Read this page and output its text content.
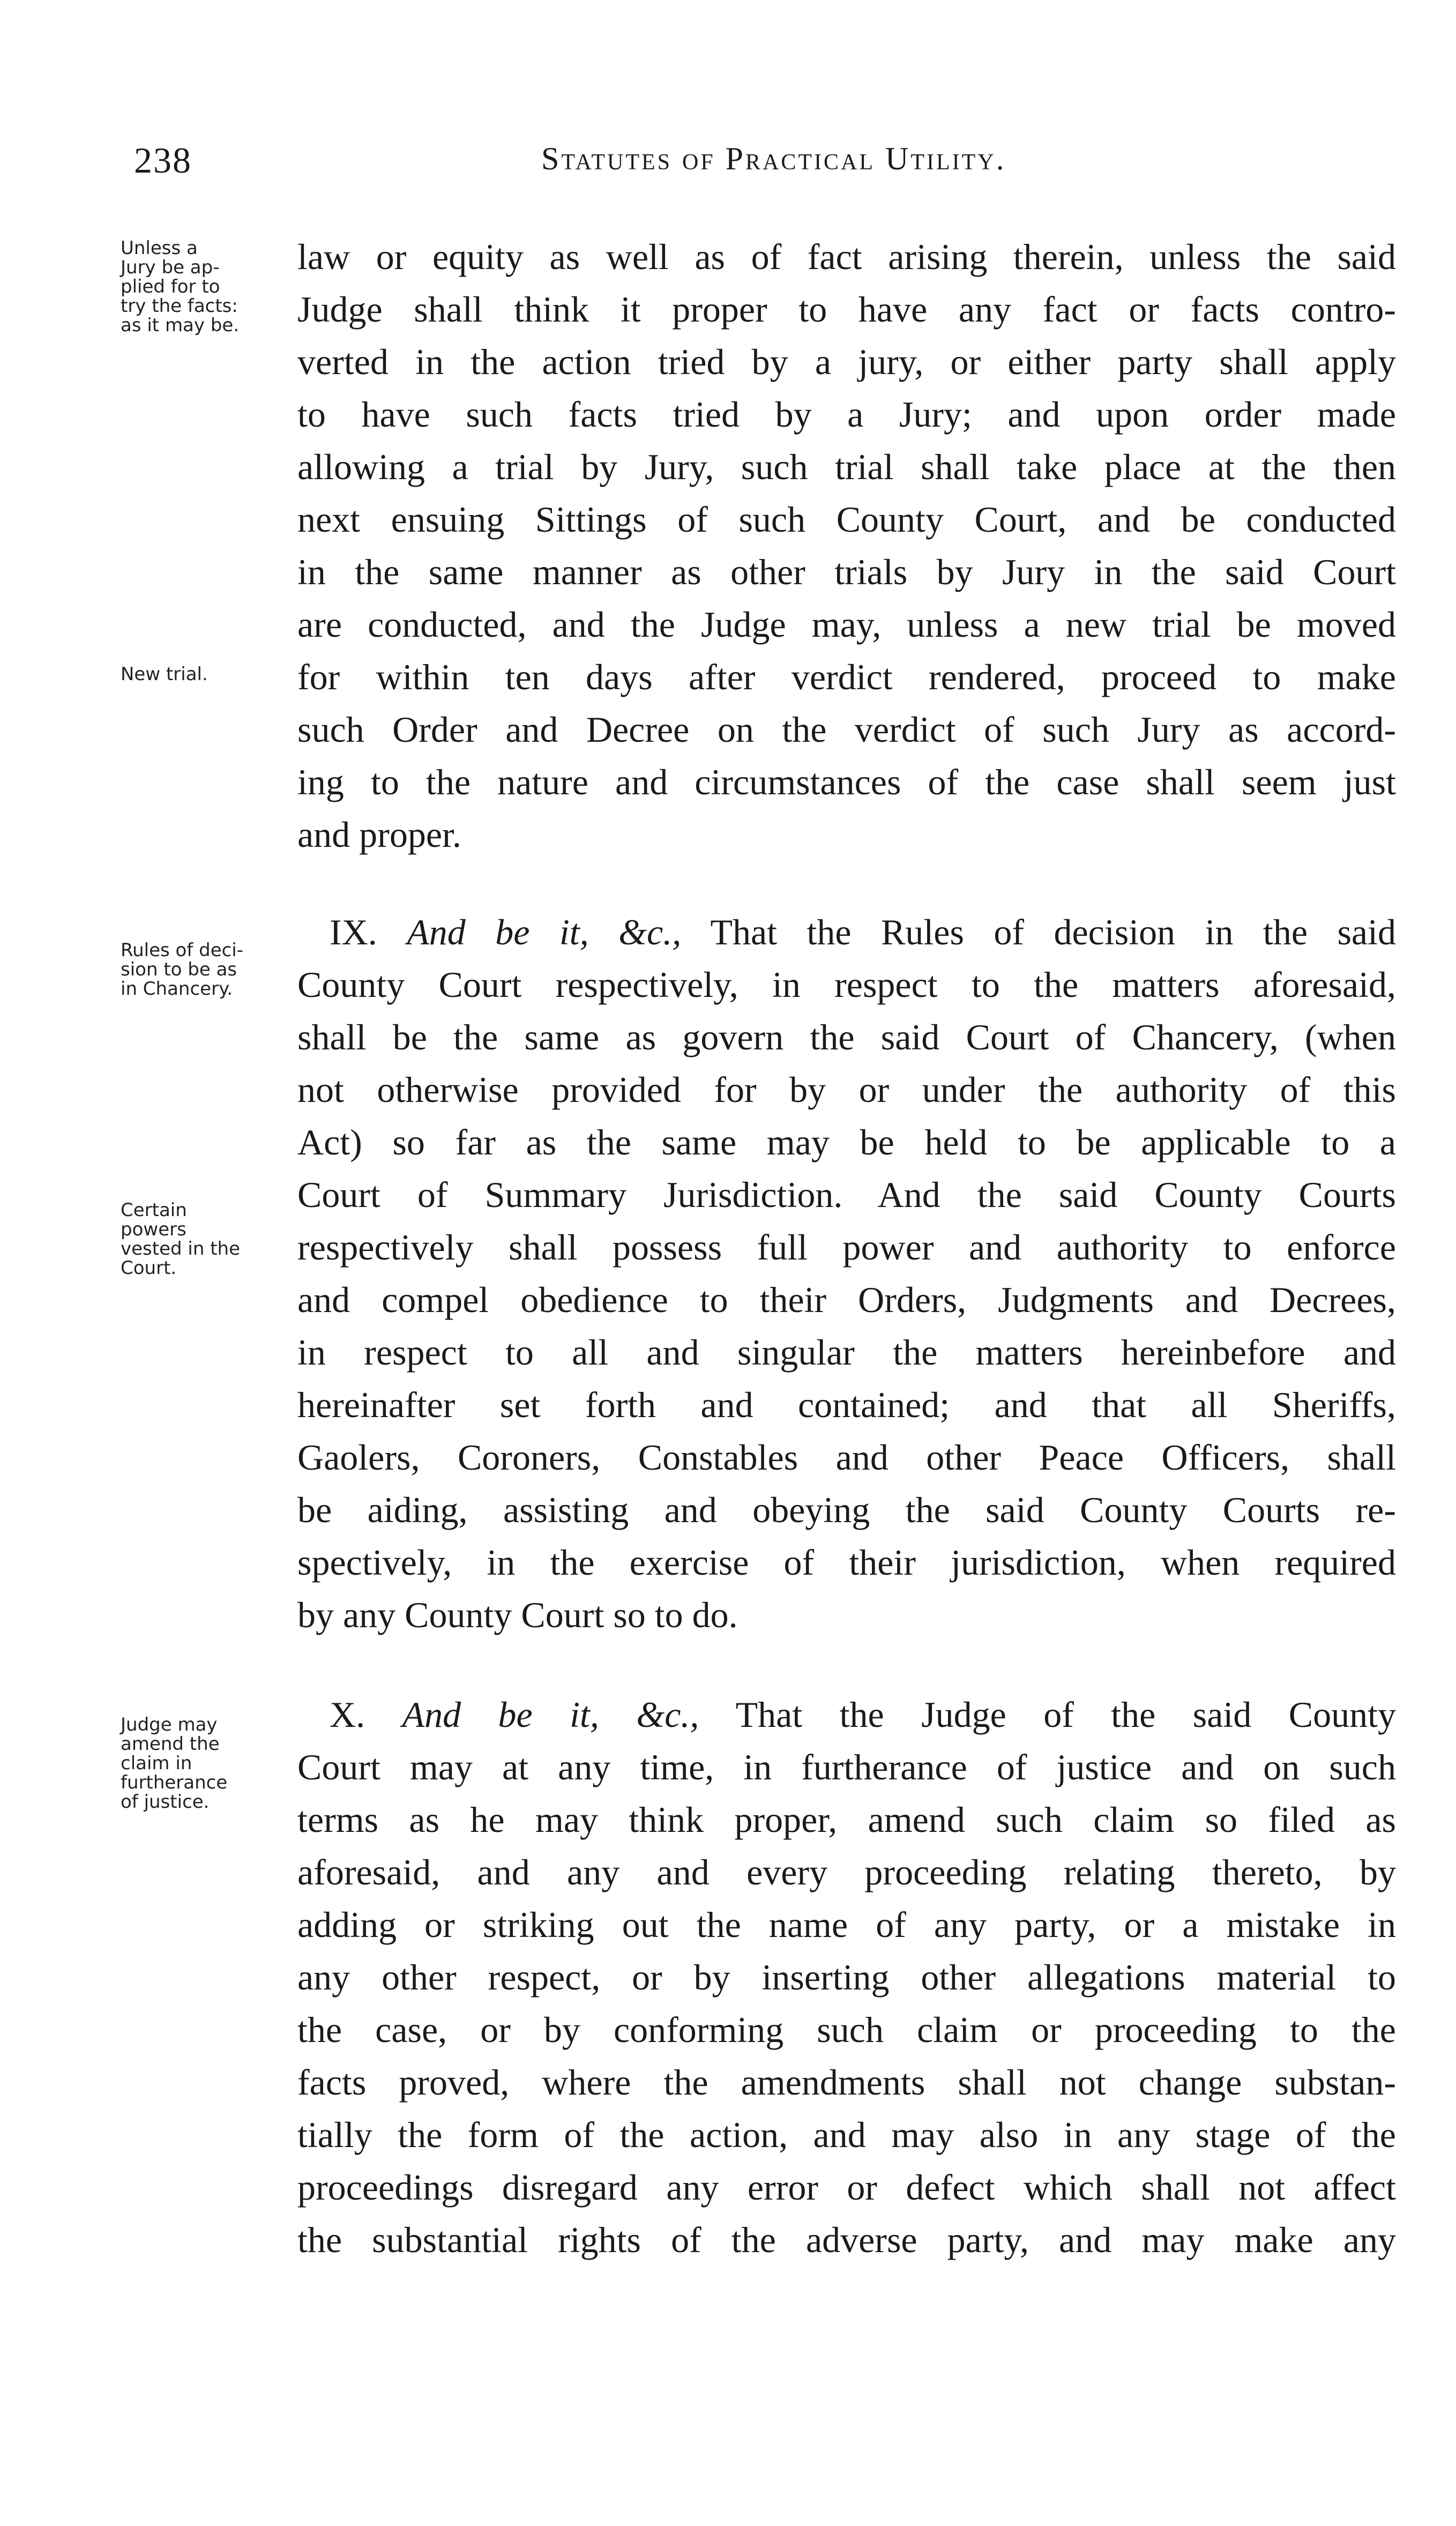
238	Statutes of Practical Utility.
Unless a
Jury be ap-
plied for to
try the facts:
as it may be.
New trial.
Rules of deci-
sion to be as
in Chancery.
Certain
powers
vested in the
Court.
Judge may
amend the
claim in
furtherance
of justice.
law or equity as well as of fact arising therein, unless the said
Judge shall think it proper to have any fact or facts contro-
verted in the action tried by a jury, or either party shall apply
to have such facts tried by a Jury; and upon order made
allowing a trial by Jury, such trial shall take place at the then
next ensuing Sittings of such County Court, and be conducted
in the same manner as other trials by Jury in the said Court
are conducted, and the Judge may, unless a new trial be moved
for within ten days after verdict rendered, proceed to make
such Order and Decree on the verdict of such Jury as accord-
ing to the nature and circumstances of the case shall seem just
and proper.
IX. And be it, &c., That the Rules of decision in the said
County Court respectively, in respect to the matters aforesaid,
shall be the same as govern the said Court of Chancery, (when
not otherwise provided for by or under the authority of this
Act) so far as the same may be held to be applicable to a
Court of Summary Jurisdiction. And the said County Courts
respectively shall possess full power and authority to enforce
and compel obedience to their Orders, Judgments and Decrees,
in respect to all and singular the matters hereinbefore and
hereinafter set forth and contained; and that all Sheriffs,
Gaolers, Coroners, Constables and other Peace Officers, shall
be aiding, assisting and obeying the said County Courts re-
spectively, in the exercise of their jurisdiction, when required
by any County Court so to do.
X. And be it, &c., That the Judge of the said County
Court may at any time, in furtherance of justice and on such
terms as he may think proper, amend such claim so filed as
aforesaid, and any and every proceeding relating thereto, by
adding or striking out the name of any party, or a mistake in
any other respect, or by inserting other allegations material to
the case, or by conforming such claim or proceeding to the
facts proved, where the amendments shall not change substan-
tially the form of the action, and may also in any stage of the
proceedings disregard any error or defect which shall not affect
the substantial rights of the adverse party, and may make any
